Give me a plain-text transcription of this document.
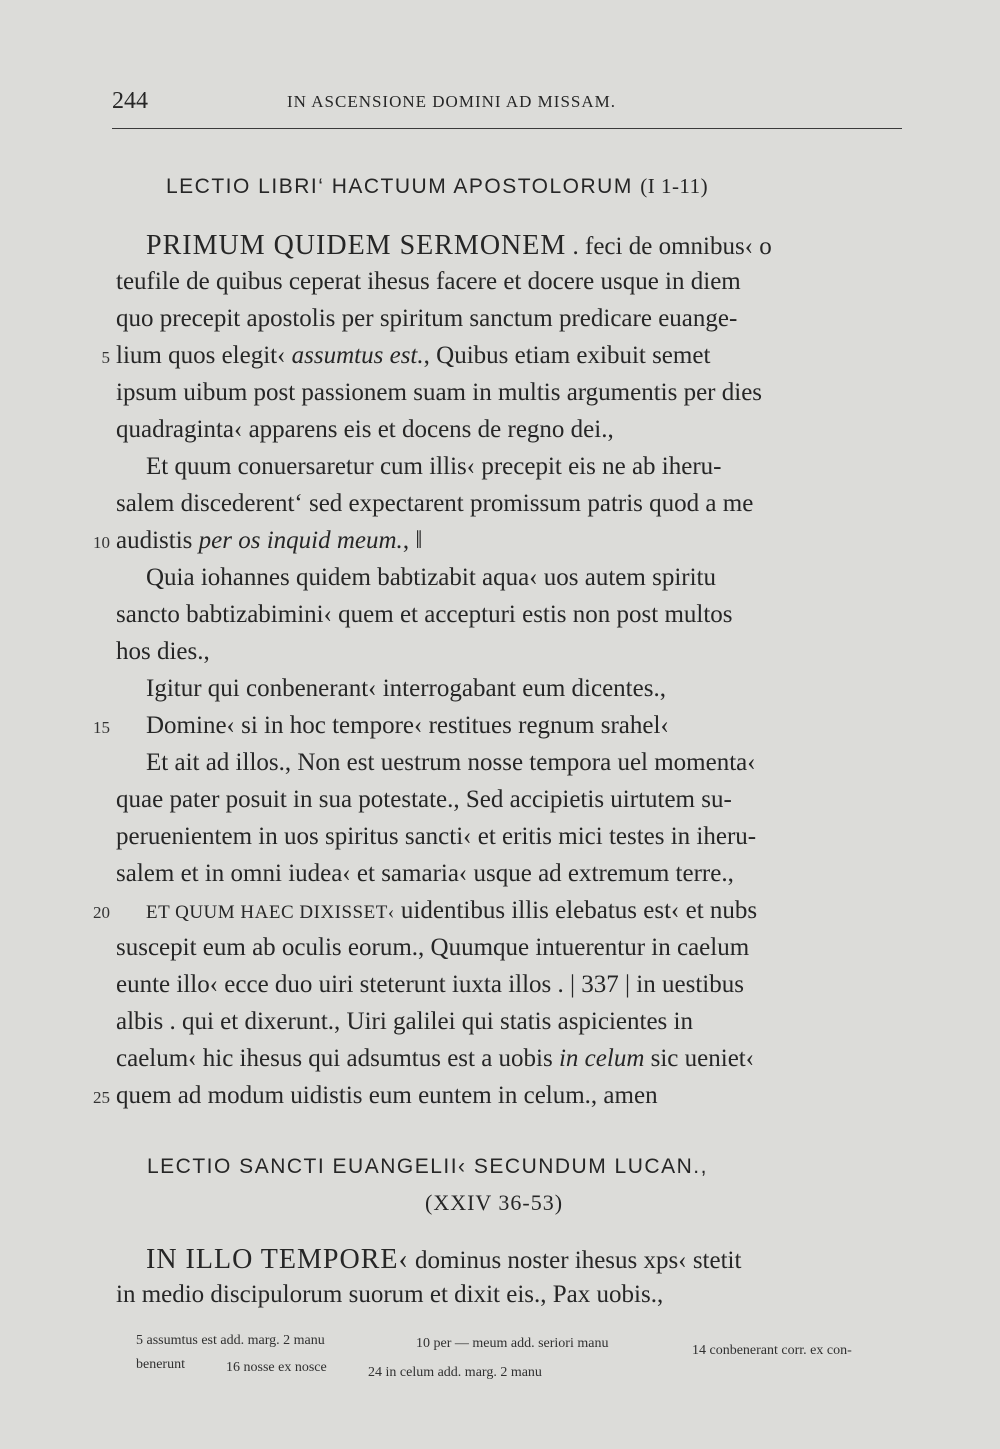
244	IN ASCENSIONE DOMINI AD MISSAM.
LECTIO LIBRI‘ HACTUUM APOSTOLORUM (I 1-11)
PRIMUM QUIDEM SERMONEM . feci de omnibus‹ o
teufile de quibus ceperat ihesus facere et docere usque in diem
quo precepit apostolis per spiritum sanctum predicare euange-
lium quos elegit‹ assumtus est., Quibus etiam exibuit semet
ipsum uibum post passionem suam in multis argumentis per dies
quadraginta‹ apparens eis et docens de regno dei.,
Et quum conuersaretur cum illis‹ precepit eis ne ab iheru-
salem discederent‘ sed expectarent promissum patris quod a me
audistis per os inquid meum., ‖
Quia iohannes quidem babtizabit aqua‹ uos autem spiritu
sancto babtizabimini‹ quem et accepturi estis non post multos
hos dies.,
Igitur qui conbenerant‹ interrogabant eum dicentes.,
Domine‹ si in hoc tempore‹ restitues regnum srahel‹
Et ait ad illos., Non est uestrum nosse tempora uel momenta‹
quae pater posuit in sua potestate., Sed accipietis uirtutem su-
peruenientem in uos spiritus sancti‹ et eritis mici testes in iheru-
salem et in omni iudea‹ et samaria‹ usque ad extremum terre.,
ET QUUM HAEC DIXISSET‹ uidentibus illis elebatus est‹ et nubs
suscepit eum ab oculis eorum., Quumque intuerentur in caelum
eunte illo‹ ecce duo uiri steterunt iuxta illos . | 337 | in uestibus
albis . qui et dixerunt., Uiri galilei qui statis aspicientes in
caelum‹ hic ihesus qui adsumtus est a uobis in celum sic ueniet‹
quem ad modum uidistis eum euntem in celum., amen
5
10
15
20
25
LECTIO SANCTI EUANGELII‹ SECUNDUM LUCAN.,
(XXIV 36-53)
IN ILLO TEMPORE‹ dominus noster ihesus xps‹ stetit
in medio discipulorum suorum et dixit eis., Pax uobis.,
5 assumtus est add. marg. 2 manu	10 per — meum add. seriori manu	14 conbenerant corr. ex con-
benerunt	16 nosse ex nosce	24 in celum add. marg. 2 manu
